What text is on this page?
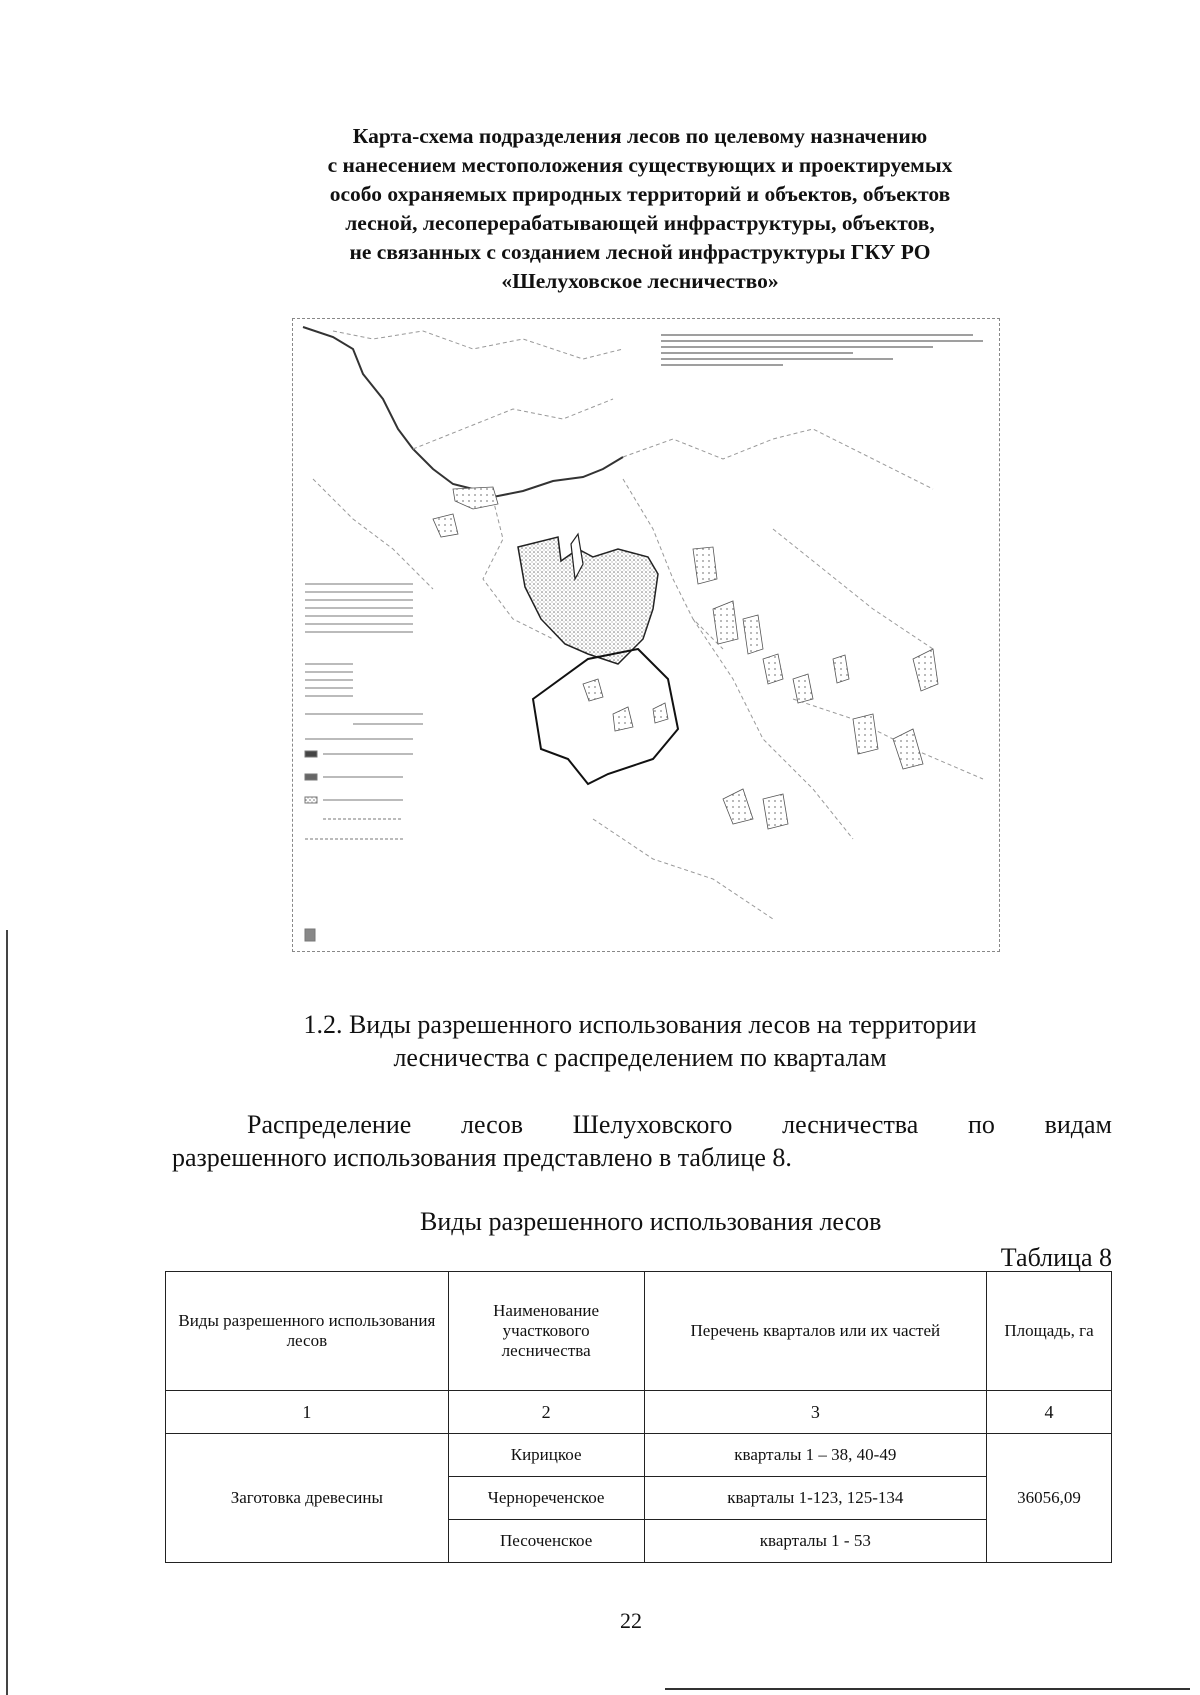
Карта-схема подразделения лесов по целевому назначению
с нанесением местоположения существующих и проектируемых
особо охраняемых природных территорий и объектов, объектов
лесной, лесоперерабатывающей инфраструктуры, объектов,
не связанных с созданием лесной инфраструктуры ГКУ РО
«Шелуховское лесничество»
1.2. Виды разрешенного использования лесов на территории
лесничества с распределением по кварталам
Распределение лесов Шелуховского лесничества по видам
разрешенного использования представлено в таблице 8.
Виды разрешенного использования лесов
Таблица 8
Виды разрешенного использования лесов	Наименование участкового лесничества	Перечень кварталов или их частей	Площадь, га
1	2	3	4
Заготовка древесины	Кирицкое	кварталы 1 – 38, 40-49	36056,09
	Чернореченское	кварталы 1-123, 125-134	
	Песоченское	кварталы 1 - 53	
22
